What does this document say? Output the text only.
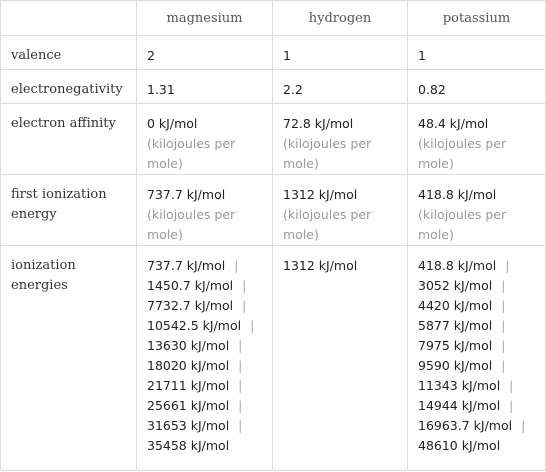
	magnesium	hydrogen	potassium
valence	2	1	1
electronegativity	1.31	2.2	0.82
electron affinity	0 kJ/mol (kilojoules per mole)	72.8 kJ/mol (kilojoules per mole)	48.4 kJ/mol (kilojoules per mole)
first ionization energy	737.7 kJ/mol (kilojoules per mole)	1312 kJ/mol (kilojoules per mole)	418.8 kJ/mol (kilojoules per mole)
ionization energies	737.7 kJ/mol | 1450.7 kJ/mol | 7732.7 kJ/mol | 10542.5 kJ/mol | 13630 kJ/mol | 18020 kJ/mol | 21711 kJ/mol | 25661 kJ/mol | 31653 kJ/mol | 35458 kJ/mol	1312 kJ/mol	418.8 kJ/mol | 3052 kJ/mol | 4420 kJ/mol | 5877 kJ/mol | 7975 kJ/mol | 9590 kJ/mol | 11343 kJ/mol | 14944 kJ/mol | 16963.7 kJ/mol | 48610 kJ/mol
